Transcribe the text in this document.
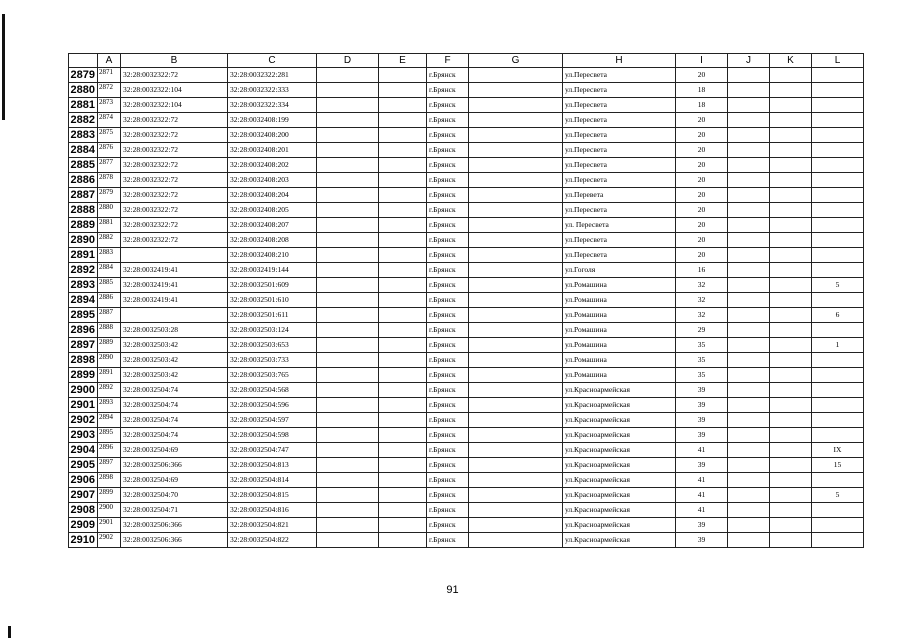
	A	B	C	D	E	F	G	H	I	J	K	L
2879	2871	32:28:0032322:72	32:28:0032322:281			г.Брянск		ул.Пересвета	20			
2880	2872	32:28:0032322:104	32:28:0032322:333			г.Брянск		ул.Пересвета	18			
2881	2873	32:28:0032322:104	32:28:0032322:334			г.Брянск		ул.Пересвета	18			
2882	2874	32:28:0032322:72	32:28:0032408:199			г.Брянск		ул.Пересвета	20			
2883	2875	32:28:0032322:72	32:28:0032408:200			г.Брянск		ул.Пересвета	20			
2884	2876	32:28:0032322:72	32:28:0032408:201			г.Брянск		ул.Пересвета	20			
2885	2877	32:28:0032322:72	32:28:0032408:202			г.Брянск		ул.Пересвета	20			
2886	2878	32:28:0032322:72	32:28:0032408:203			г.Брянск		ул.Пересвета	20			
2887	2879	32:28:0032322:72	32:28:0032408:204			г.Брянск		ул.Перевета	20			
2888	2880	32:28:0032322:72	32:28:0032408:205			г.Брянск		ул.Пересвета	20			
2889	2881	32:28:0032322:72	32:28:0032408:207			г.Брянск		ул. Пересвета	20			
2890	2882	32:28:0032322:72	32:28:0032408:208			г.Брянск		ул.Пересвета	20			
2891	2883		32:28:0032408:210			г.Брянск		ул.Пересвета	20			
2892	2884	32:28:0032419:41	32:28:0032419:144			г.Брянск		ул.Гоголя	16			
2893	2885	32:28:0032419:41	32:28:0032501:609			г.Брянск		ул.Ромашина	32			5
2894	2886	32:28:0032419:41	32:28:0032501:610			г.Брянск		ул.Ромашина	32			
2895	2887		32:28:0032501:611			г.Брянск		ул.Ромашина	32			6
2896	2888	32:28:0032503:28	32:28:0032503:124			г.Брянск		ул.Ромашина	29			
2897	2889	32:28:0032503:42	32:28:0032503:653			г.Брянск		ул.Ромашина	35			1
2898	2890	32:28:0032503:42	32:28:0032503:733			г.Брянск		ул.Ромашина	35			
2899	2891	32:28:0032503:42	32:28:0032503:765			г.Брянск		ул.Ромашина	35			
2900	2892	32:28:0032504:74	32:28:0032504:568			г.Брянск		ул.Красноармейская	39			
2901	2893	32:28:0032504:74	32:28:0032504:596			г.Брянск		ул.Красноармейская	39			
2902	2894	32:28:0032504:74	32:28:0032504:597			г.Брянск		ул.Красноармейская	39			
2903	2895	32:28:0032504:74	32:28:0032504:598			г.Брянск		ул.Красноармейская	39			
2904	2896	32:28:0032504:69	32:28:0032504:747			г.Брянск		ул.Красноармейская	41			IX
2905	2897	32:28:0032506:366	32:28:0032504:813			г.Брянск		ул.Красноармейская	39			15
2906	2898	32:28:0032504:69	32:28:0032504:814			г.Брянск		ул.Красноармейская	41			
2907	2899	32:28:0032504:70	32:28:0032504:815			г.Брянск		ул.Красноармейская	41			5
2908	2900	32:28:0032504:71	32:28:0032504:816			г.Брянск		ул.Красноармейская	41			
2909	2901	32:28:0032506:366	32:28:0032504:821			г.Брянск		ул.Красноармейская	39			
2910	2902	32:28:0032506:366	32:28:0032504:822			г.Брянск		ул.Красноармейская	39			
91
